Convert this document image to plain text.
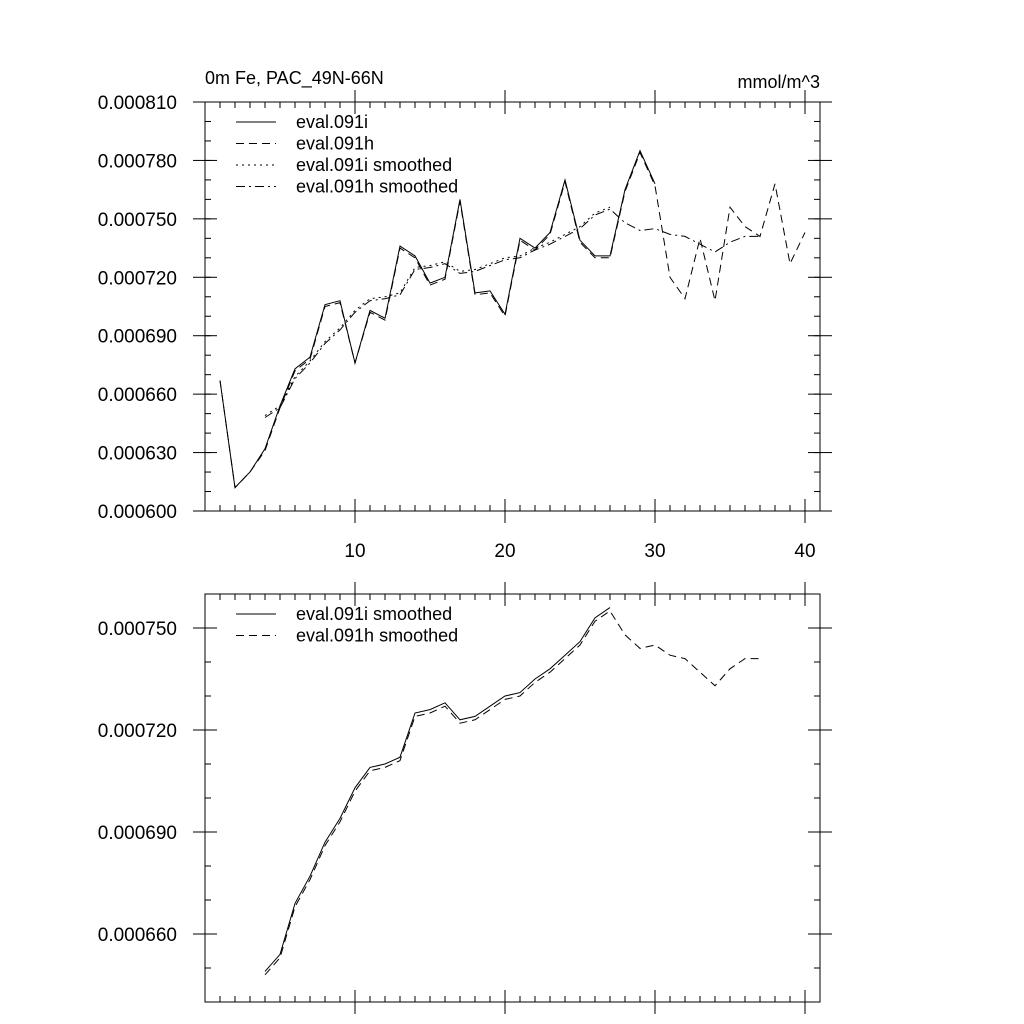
0m Fe, PAC_49N-66N	mmol/m^3
0.000600
0.000630
0.000660
0.000690
0.000720
0.000750
0.000780
0.000810
10	20	30	40
eval.091i
eval.091h
eval.091i smoothed
eval.091h smoothed
0.000660
0.000690
0.000720
0.000750
eval.091i smoothed
eval.091h smoothed
